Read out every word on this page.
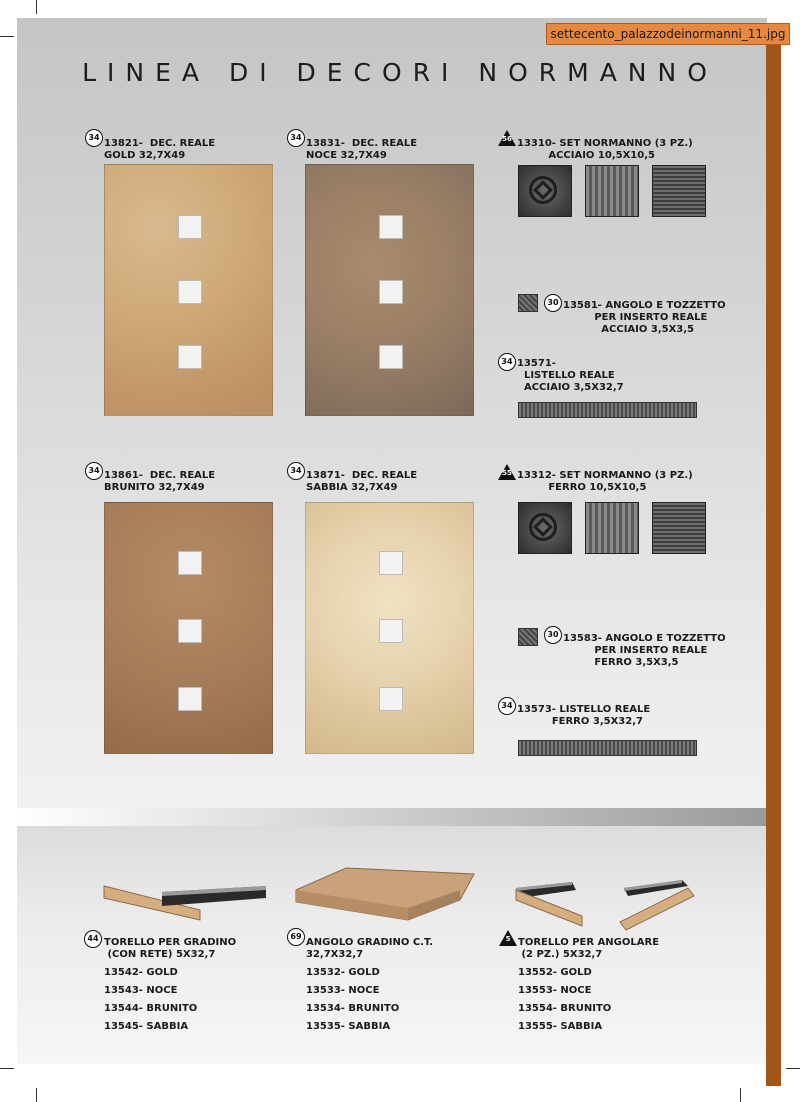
settecento_palazzodeinormanni_11.jpg
LINEA DI DECORI NORMANNO
34
13821-  DEC. REALE
GOLD 32,7X49
34
13831-  DEC. REALE
NOCE 32,7X49
56 13310- SET NORMANNO (3 PZ.)
ACCIAIO 10,5X10,5
30 13581- ANGOLO E TOZZETTO
PER INSERTO REALE
ACCIAIO 3,5X3,5
34 13571-
LISTELLO REALE
ACCIAIO 3,5X32,7
34 13861-  DEC. REALE
BRUNITO 32,7X49
34 13871-  DEC. REALE
SABBIA 32,7X49
55 13312- SET NORMANNO (3 PZ.)
FERRO 10,5X10,5
30 13583- ANGOLO E TOZZETTO
PER INSERTO REALE
FERRO 3,5X3,5
34 13573- LISTELLO REALE
FERRO 3,5X32,7
44 TORELLO PER GRADINO
(CON RETE) 5X32,7
13542- GOLD
13543- NOCE
13544- BRUNITO
13545- SABBIA
69
ANGOLO GRADINO C.T.
32,7X32,7
13532- GOLD
13533- NOCE
13534- BRUNITO
13535- SABBIA
5 TORELLO PER ANGOLARE
(2 PZ.) 5X32,7
13552- GOLD
13553- NOCE
13554- BRUNITO
13555- SABBIA
